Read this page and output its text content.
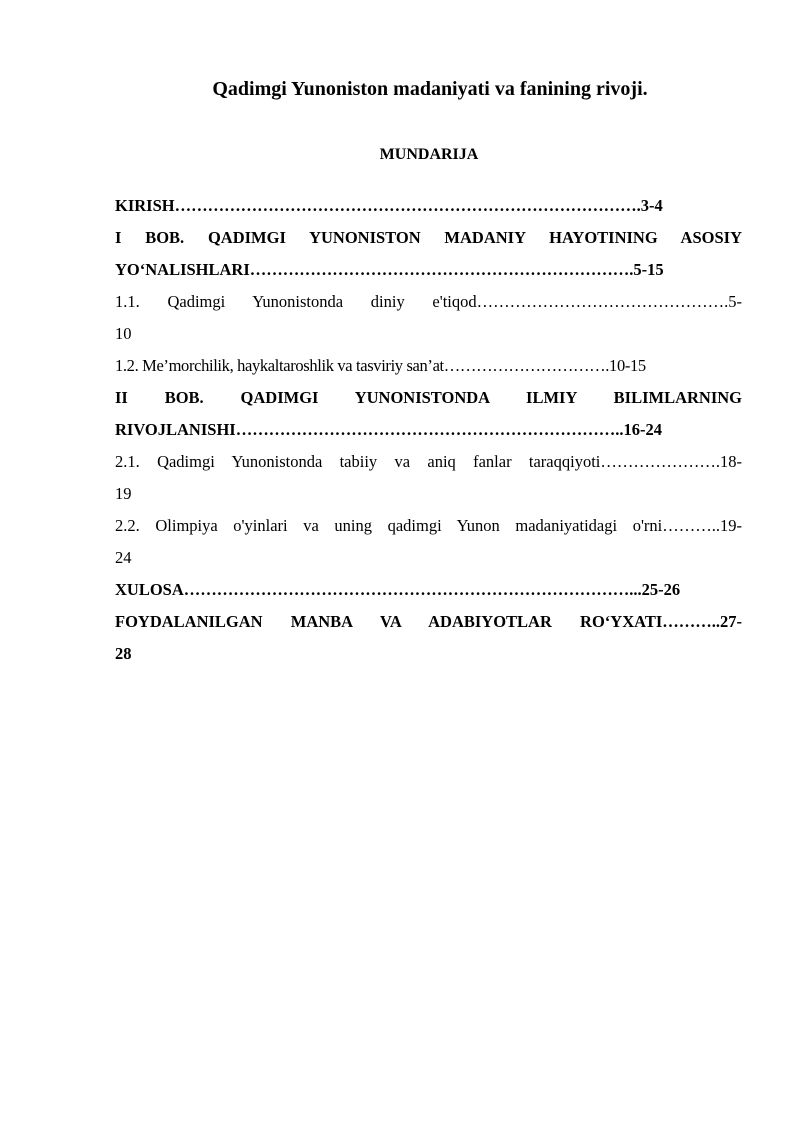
Qadimgi Yunoniston madaniyati va fanining rivoji.
MUNDARIJA
KIRISH………………………………………………………………………….3-4
I BOB. QADIMGI YUNONISTON MADANIY HAYOTINING ASOSIY
YO‘NALISHLARI…………………………………………………………….5-15
1.1. Qadimgi Yunonistonda diniy e'tiqod……………………………………….5-
10
1.2. Me’morchilik, haykaltaroshlik va tasviriy san’at………………………….10-15
II BOB. QADIMGI YUNONISTONDA ILMIY BILIMLARNING
RIVOJLANISHI……………………………………………………………..16-24
2.1. Qadimgi Yunonistonda tabiiy va aniq fanlar taraqqiyoti………………….18-
19
2.2. Olimpiya o'yinlari va uning qadimgi Yunon madaniyatidagi o'rni………..19-
24
XULOSA………………………………………………………………………...25-26
FOYDALANILGAN MANBA VA ADABIYOTLAR RO‘YXATI………..27-
28
